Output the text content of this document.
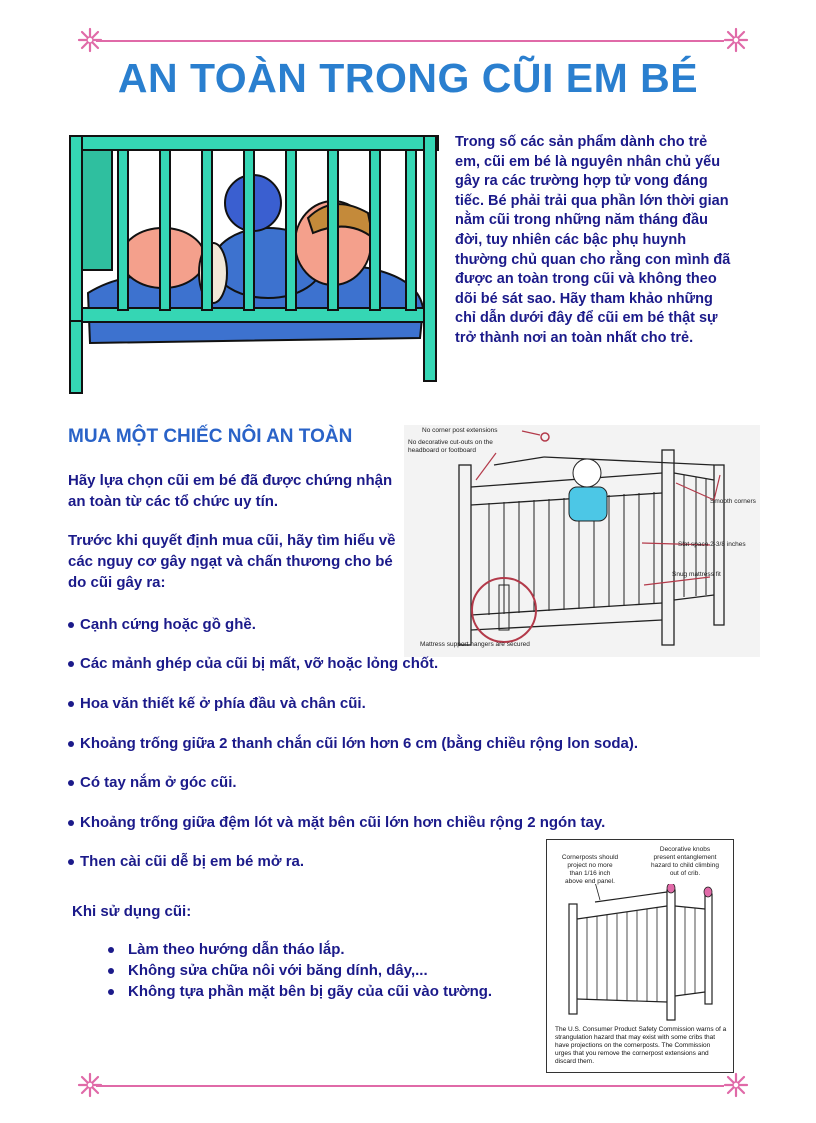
AN TOÀN TRONG CŨI EM BÉ
Trong số các sản phẩm dành cho trẻ
em, cũi em bé là nguyên nhân chủ yếu
gây ra các trường hợp tử vong đáng
tiếc. Bé phải trải qua phần lớn thời gian
nằm cũi trong những năm tháng đầu
đời, tuy nhiên các bậc phụ huynh
thường chủ quan cho rằng con mình đã
được an toàn trong cũi và không theo
dõi bé sát sao. Hãy tham khảo những
chỉ dẫn dưới đây để cũi em bé thật sự
trở thành nơi an toàn nhất cho trẻ.
MUA MỘT CHIẾC NÔI AN TOÀN
Hãy lựa chọn cũi em bé đã được chứng nhận an toàn từ các tổ chức uy tín.
Trước khi quyết định mua cũi, hãy tìm hiểu về các nguy cơ gây ngạt và chấn thương cho bé do cũi gây ra:
No corner post extensions
No decorative cut-outs on the
headboard or footboard
Smooth corners
Slat space 2-3/8 inches
Snug mattress fit
Mattress support hangers are secured
Cạnh cứng hoặc gồ ghề.
Các mảnh ghép của cũi bị mất, vỡ hoặc lỏng chốt.
Hoa văn thiết kế ở phía đầu và chân cũi.
Khoảng trống giữa 2 thanh chắn cũi lớn hơn 6 cm (bằng chiều rộng lon soda).
Có tay nắm ở góc cũi.
Khoảng trống giữa đệm lót và mặt bên cũi lớn hơn chiều rộng 2 ngón tay.
Then cài cũi dễ bị em bé mở ra.
Khi sử dụng cũi:
Làm theo hướng dẫn tháo lắp.
Không sửa chữa nôi với băng dính, dây,...
Không tựa phần mặt bên bị gãy của cũi vào tường.
Cornerposts should
project no more
than 1/16 inch
above end panel.
Decorative knobs
present entanglement
hazard to child climbing
out of crib.
The U.S. Consumer Product Safety Commission warns of a
strangulation hazard that may exist with some cribs that
have projections on the cornerposts. The Commission
urges that you remove the cornerpost extensions and
discard them.
